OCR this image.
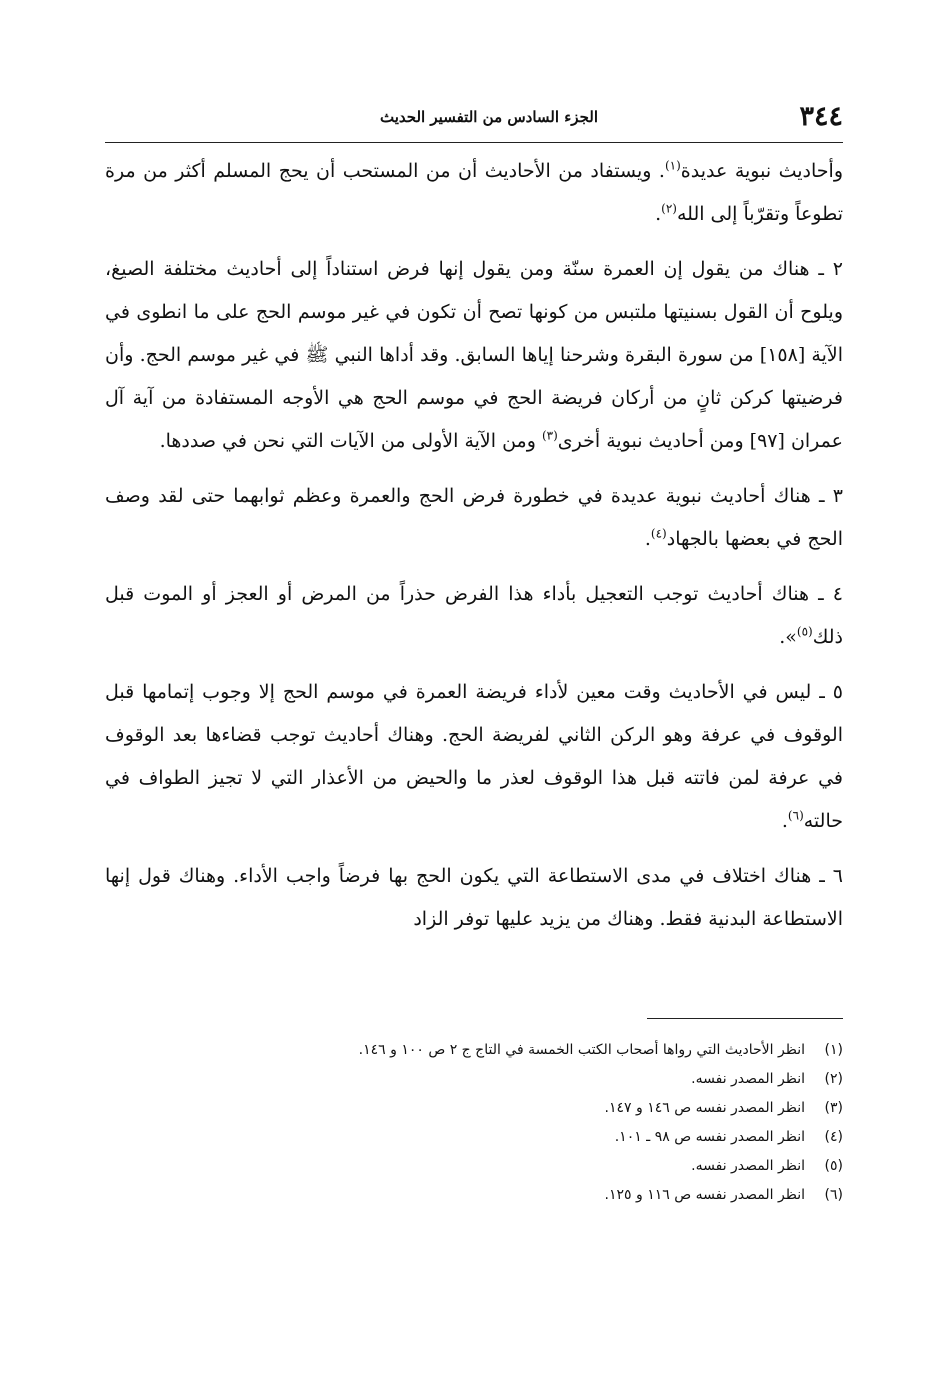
٣٤٤
الجزء السادس من التفسير الحديث

وأحاديث نبوية عديدة$^{(١)}$. ويستفاد من الأحاديث أن من المستحب أن يحج المسلم أكثر من مرة تطوعاً وتقرّباً إلى الله$^{(٢)}$.

٢ ـ هناك من يقول إن العمرة سنّة ومن يقول إنها فرض استناداً إلى أحاديث مختلفة الصيغ، ويلوح أن القول بسنيتها ملتبس من كونها تصح أن تكون في غير موسم الحج على ما انطوى في الآية [١٥٨] من سورة البقرة وشرحنا إياها السابق. وقد أداها النبي ﷺ في غير موسم الحج. وأن فرضيتها كركن ثانٍ من أركان فريضة الحج في موسم الحج هي الأوجه المستفادة من آية آل عمران [٩٧] ومن أحاديث نبوية أخرى$^{(٣)}$ ومن الآية الأولى من الآيات التي نحن في صددها.

٣ ـ هناك أحاديث نبوية عديدة في خطورة فرض الحج والعمرة وعظم ثوابهما حتى لقد وصف الحج في بعضها بالجهاد$^{(٤)}$.

٤ ـ هناك أحاديث توجب التعجيل بأداء هذا الفرض حذراً من المرض أو العجز أو الموت قبل ذلك$^{(٥)}$».

٥ ـ ليس في الأحاديث وقت معين لأداء فريضة العمرة في موسم الحج إلا وجوب إتمامها قبل الوقوف في عرفة وهو الركن الثاني لفريضة الحج. وهناك أحاديث توجب قضاءها بعد الوقوف في عرفة لمن فاتته قبل هذا الوقوف لعذر ما والحيض من الأعذار التي لا تجيز الطواف في حالته$^{(٦)}$.

٦ ـ هناك اختلاف في مدى الاستطاعة التي يكون الحج بها فرضاً واجب الأداء. وهناك قول إنها الاستطاعة البدنية فقط. وهناك من يزيد عليها توفر الزاد

(١)
انظر الأحاديث التي رواها أصحاب الكتب الخمسة في التاج ج ٢ ص ١٠٠ و ١٤٦.
(٢)
انظر المصدر نفسه.
(٣)
انظر المصدر نفسه ص ١٤٦ و ١٤٧.
(٤)
انظر المصدر نفسه ص ٩٨ ـ ١٠١.
(٥)
انظر المصدر نفسه.
(٦)
انظر المصدر نفسه ص ١١٦ و ١٢٥.
